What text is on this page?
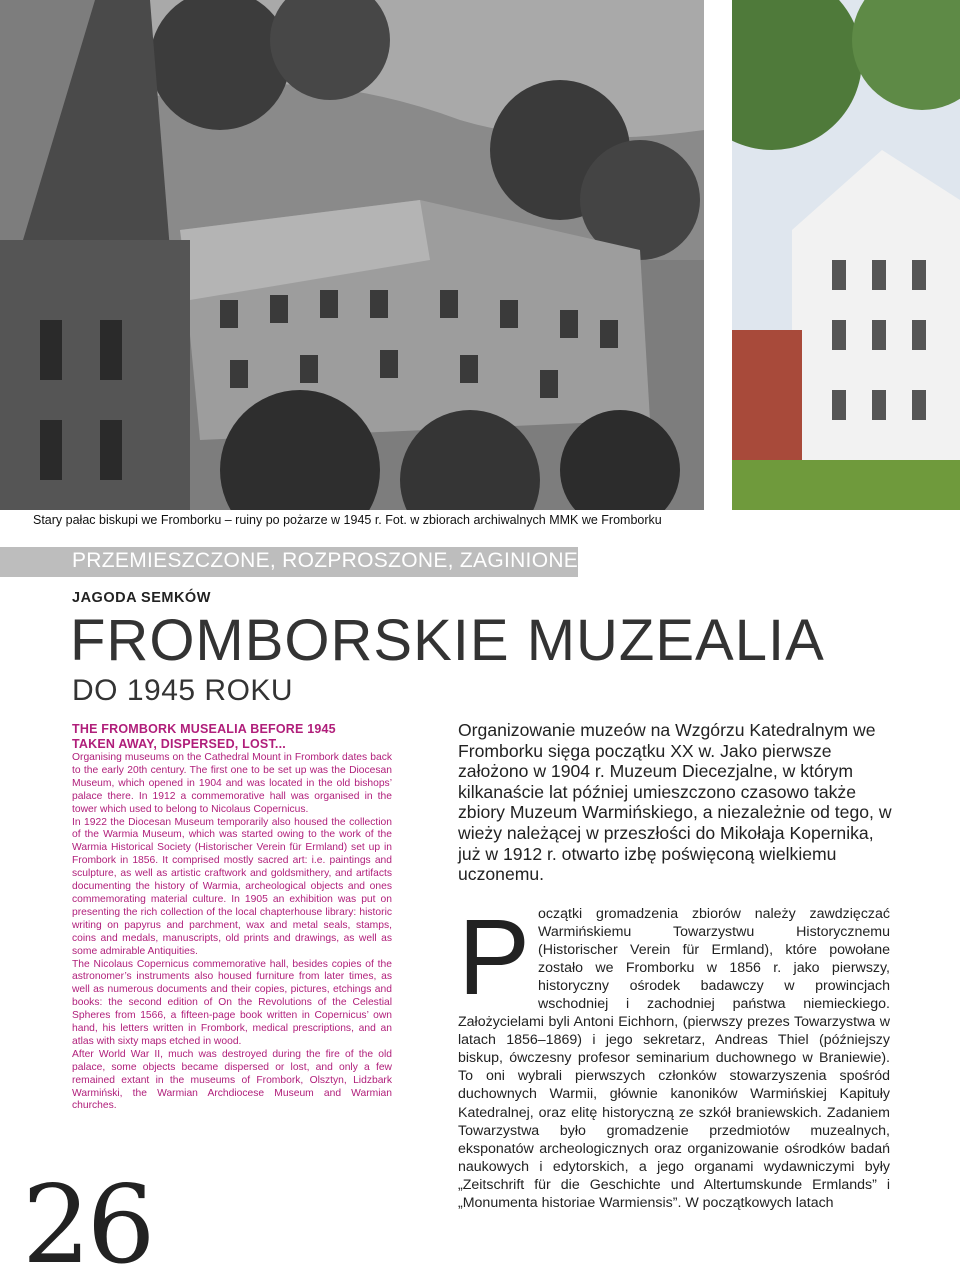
Stary pałac biskupi we Fromborku – ruiny po pożarze w 1945 r. Fot. w zbiorach archiwalnych MMK we Fromborku
PRZEMIESZCZONE, ROZPROSZONE, ZAGINIONE…
JAGODA SEMKÓW
FROMBORSKIE MUZEALIA
DO 1945 ROKU
THE FROMBORK MUSEALIA BEFORE 1945
TAKEN AWAY, DISPERSED, LOST...

Organising museums on the Cathedral Mount in Frombork dates back to the early 20th century. The first one to be set up was the Diocesan Museum, which opened in 1904 and was located in the old bishops’ palace there. In 1912 a commemorative hall was organised in the tower which used to belong to Nicolaus Copernicus.

In 1922 the Diocesan Museum temporarily also housed the collection of the Warmia Museum, which was started owing to the work of the Warmia Historical Society (Historischer Verein für Ermland) set up in Frombork in 1856. It comprised mostly sacred art: i.e. paintings and sculpture, as well as artistic craftwork and goldsmithery, and artifacts documenting the history of Warmia, archeological objects and ones commemorating material culture. In 1905 an exhibition was put on presenting the rich collection of the local chapterhouse library: historic writing on papyrus and parchment, wax and metal seals, stamps, coins and medals, manuscripts, old prints and drawings, as well as some admirable Antiquities.

The Nicolaus Copernicus commemorative hall, besides copies of the astronomer’s instruments also housed furniture from later times, as well as numerous documents and their copies, pictures, etchings and books: the second edition of On the Revolutions of the Celestial Spheres from 1566, a fifteen-page book written in Copernicus’ own hand, his letters written in Frombork, medical prescriptions, and an atlas with sixty maps etched in wood.

After World War II, much was destroyed during the fire of the old palace, some objects became dispersed or lost, and only a few remained extant in the museums of Frombork, Olsztyn, Lidzbark Warmiński, the Warmian Archdiocese Museum and Warmian churches.

26
Organizowanie muzeów na Wzgórzu Katedralnym we Fromborku sięga początku XX w. Jako pierwsze założono w 1904 r. Muzeum Diecezjalne, w którym kilkanaście lat później umieszczono czasowo także zbiory Muzeum Warmińskiego, a niezależnie od tego, w wieży należącej w przeszłości do Mikołaja Kopernika, już w 1912 r. otwarto izbę poświęconą wielkiemu uczonemu.
P oczątki gromadzenia zbiorów należy zawdzięczać Warmińskiemu Towarzystwu Historycznemu (Historischer Verein für Ermland), które powołane zostało we Fromborku w 1856 r. jako pierwszy, historyczny ośrodek badawczy w prowincjach wschodniej i zachodniej państwa niemieckiego. Założycielami byli Antoni Eichhorn, (pierwszy prezes Towarzystwa w latach 1856–1869) i jego sekretarz, Andreas Thiel (późniejszy biskup, ówczesny profesor seminarium duchownego w Braniewie). To oni wybrali pierwszych członków stowarzyszenia spośród duchownych Warmii, głównie kanoników Warmińskiej Kapituły Katedralnej, oraz elitę historyczną ze szkół braniewskich. Zadaniem Towarzystwa było gromadzenie przedmiotów muzealnych, eksponatów archeologicznych oraz organizowanie ośrodków badań naukowych i edytorskich, a jego organami wydawniczymi były „Zeitschrift für die Geschichte und Altertumskunde Ermlands” i „Monumenta historiae Warmiensis”. W początkowych latach
